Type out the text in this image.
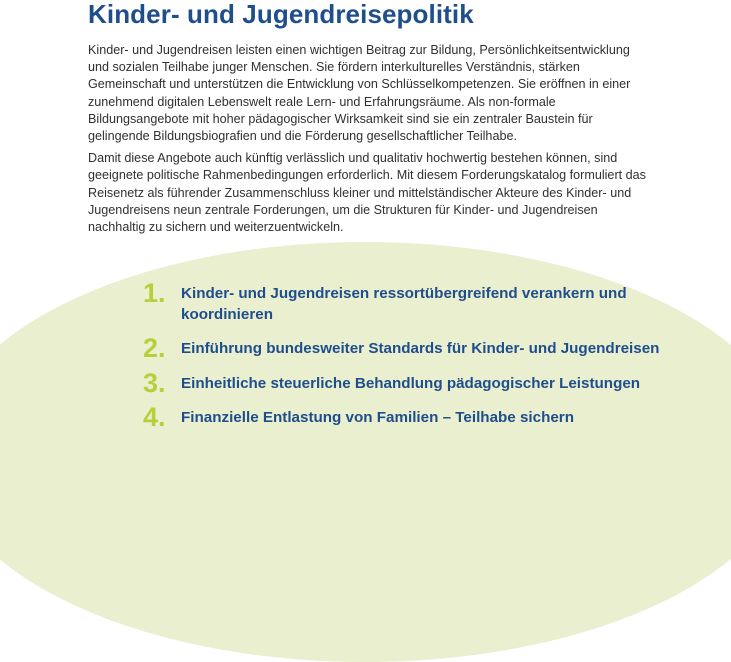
Kinder- und Jugendreisepolitik

Kinder- und Jugendreisen leisten einen wichtigen Beitrag zur Bildung, Persönlichkeitsentwicklung und sozialen Teilhabe junger Menschen. Sie fördern interkulturelles Verständnis, stärken Gemeinschaft und unterstützen die Entwicklung von Schlüsselkompetenzen. Sie eröffnen in einer zunehmend digitalen Lebenswelt reale Lern- und Erfahrungsräume. Als non-formale Bildungsangebote mit hoher pädagogischer Wirksamkeit sind sie ein zentraler Baustein für gelingende Bildungsbiografien und die Förderung gesellschaftlicher Teilhabe.

Damit diese Angebote auch künftig verlässlich und qualitativ hochwertig bestehen können, sind geeignete politische Rahmenbedingungen erforderlich. Mit diesem Forderungskatalog formuliert das Reisenetz als führender Zusammenschluss kleiner und mittelständischer Akteure des Kinder- und Jugendreisens neun zentrale Forderungen, um die Strukturen für Kinder- und Jugendreisen nachhaltig zu sichern und weiterzuentwickeln.

1. Kinder- und Jugendreisen ressortübergreifend verankern und koordinieren
2. Einführung bundesweiter Standards für Kinder- und Jugendreisen
3. Einheitliche steuerliche Behandlung pädagogischer Leistungen
4. Finanzielle Entlastung von Familien – Teilhabe sichern
